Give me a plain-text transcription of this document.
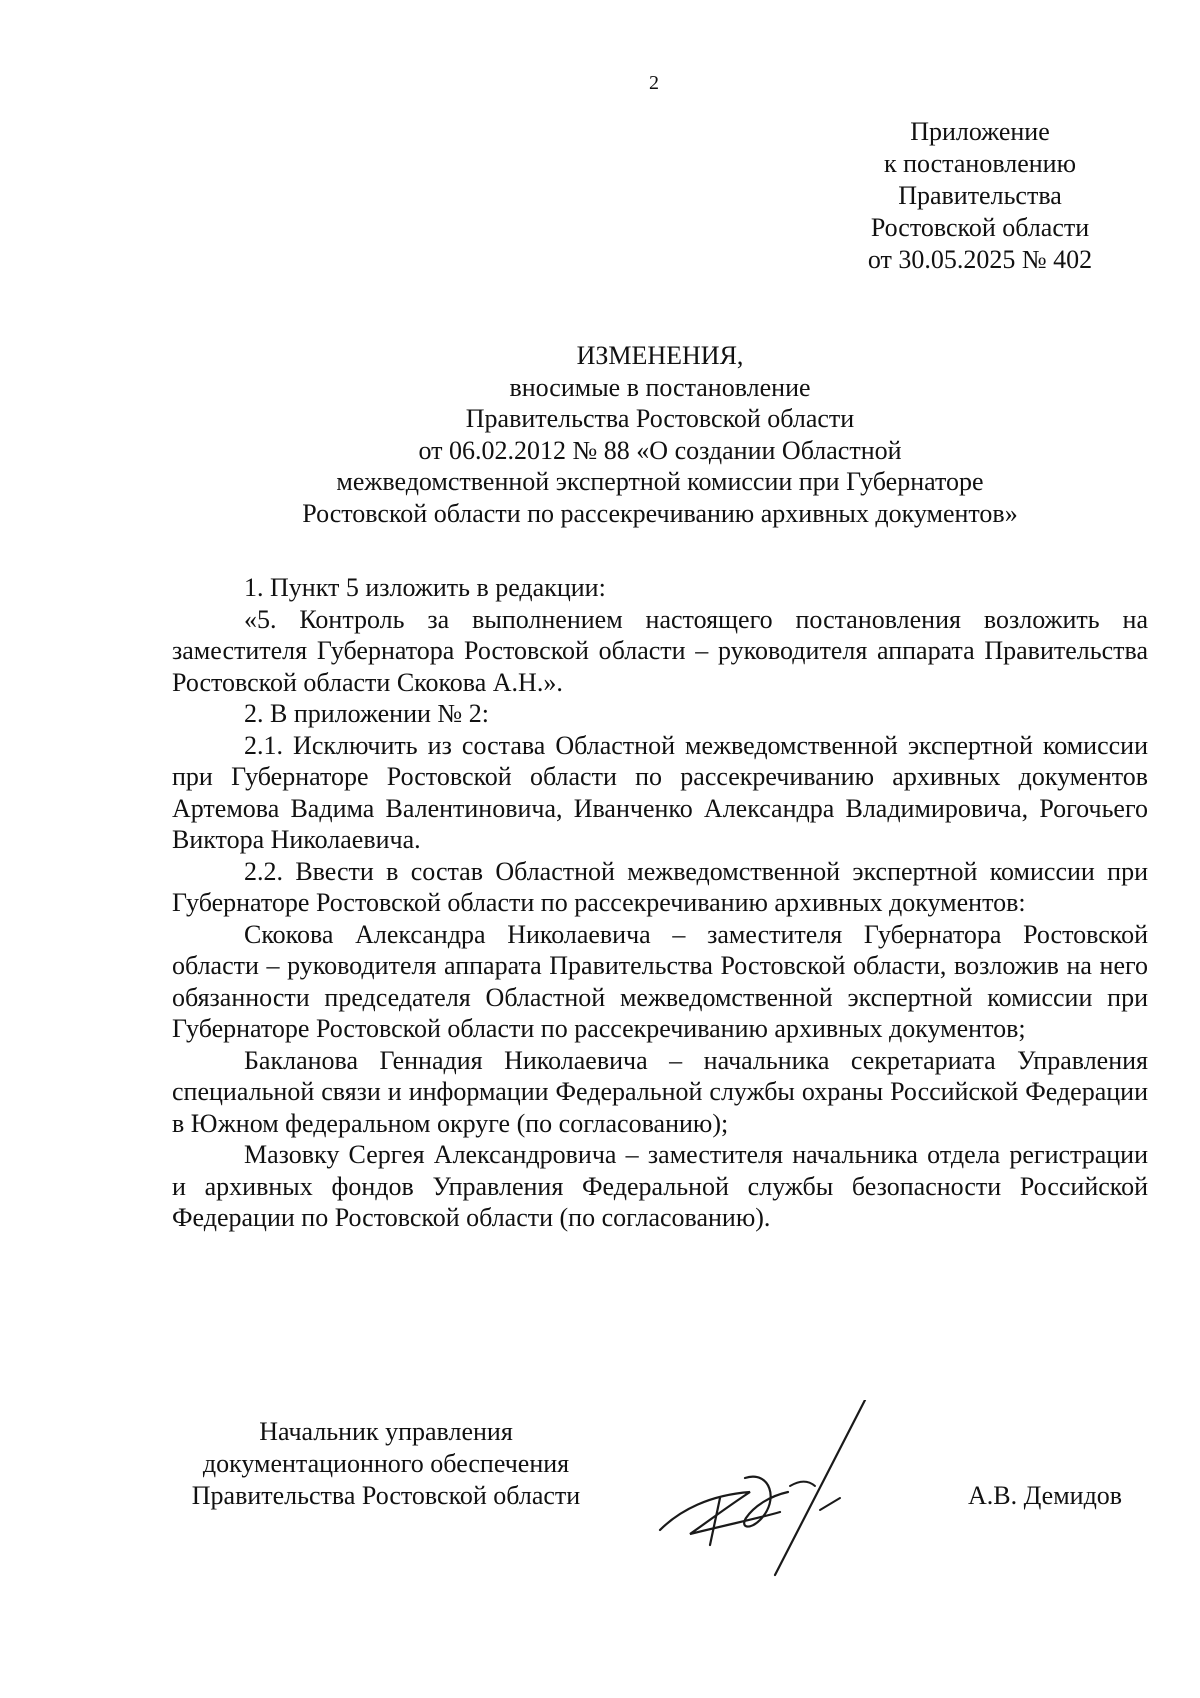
2
Приложение
к постановлению
Правительства
Ростовской области
от 30.05.2025 № 402
ИЗМЕНЕНИЯ,
вносимые в постановление
Правительства Ростовской области
от 06.02.2012 № 88 «О создании Областной
межведомственной экспертной комиссии при Губернаторе
Ростовской области по рассекречиванию архивных документов»

1. Пункт 5 изложить в редакции:

«5. Контроль за выполнением настоящего постановления возложить на заместителя Губернатора Ростовской области – руководителя аппарата Правительства Ростовской области Скокова А.Н.».

2. В приложении № 2:

2.1. Исключить из состава Областной межведомственной экспертной комиссии при Губернаторе Ростовской области по рассекречиванию архивных документов Артемова Вадима Валентиновича, Иванченко Александра Владимировича, Рогочьего Виктора Николаевича.

2.2. Ввести в состав Областной межведомственной экспертной комиссии при Губернаторе Ростовской области по рассекречиванию архивных документов:

Скокова Александра Николаевича – заместителя Губернатора Ростовской области – руководителя аппарата Правительства Ростовской области, возложив на него обязанности председателя Областной межведомственной экспертной комиссии при Губернаторе Ростовской области по рассекречиванию архивных документов;

Бакланова Геннадия Николаевича – начальника секретариата Управления специальной связи и информации Федеральной службы охраны Российской Федерации в Южном федеральном округе (по согласованию);

Мазовку Сергея Александровича – заместителя начальника отдела регистрации и архивных фондов Управления Федеральной службы безопасности Российской Федерации по Ростовской области (по согласованию).

Начальник управления
документационного обеспечения
Правительства Ростовской области	А.В. Демидов
